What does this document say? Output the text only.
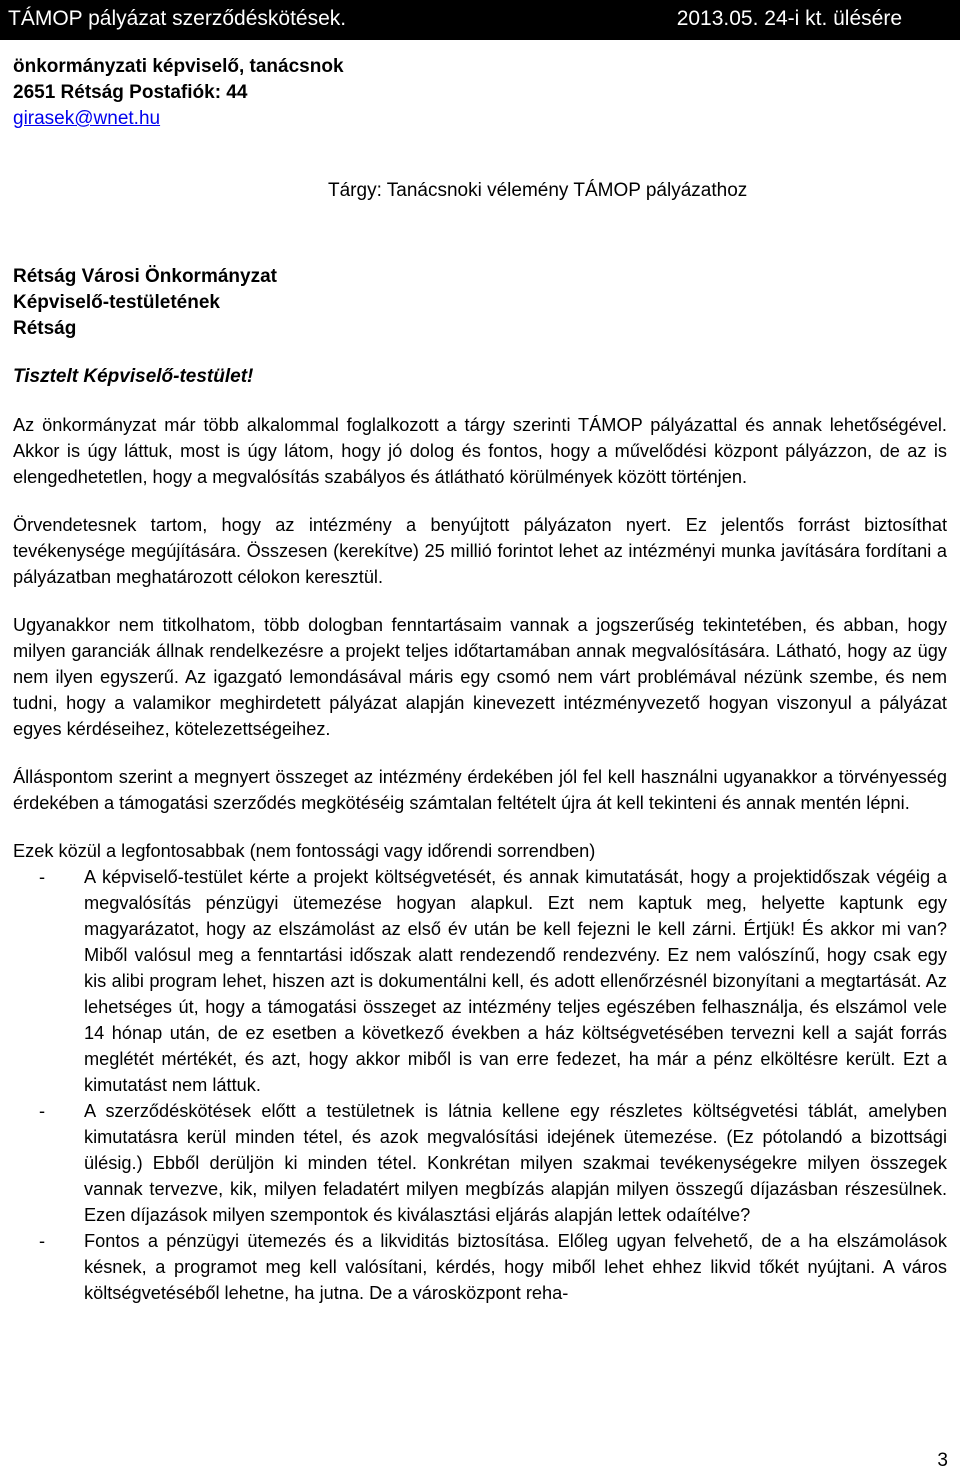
TÁMOP pályázat szerződéskötések.	2013.05. 24-i kt. ülésére
önkormányzati képviselő, tanácsnok
2651 Rétság Postafiók: 44
girasek@wnet.hu
Tárgy: Tanácsnoki vélemény TÁMOP pályázathoz
Rétság Városi Önkormányzat
Képviselő-testületének
Rétság
Tisztelt Képviselő-testület!

Az önkormányzat már több alkalommal foglalkozott a tárgy szerinti TÁMOP pályázattal és annak lehetőségével. Akkor is úgy láttuk, most is úgy látom, hogy jó dolog és fontos, hogy a művelődési központ pályázzon, de az is elengedhetetlen, hogy a megvalósítás szabályos és átlátható körülmények között történjen.

Örvendetesnek tartom, hogy az intézmény a benyújtott pályázaton nyert. Ez jelentős forrást biztosíthat tevékenysége megújítására. Összesen (kerekítve) 25 millió forintot lehet az intézményi munka javítására fordítani a pályázatban meghatározott célokon keresztül.

Ugyanakkor nem titkolhatom, több dologban fenntartásaim vannak a jogszerűség tekintetében, és abban, hogy milyen garanciák állnak rendelkezésre a projekt teljes időtartamában annak megvalósítására. Látható, hogy az ügy nem ilyen egyszerű. Az igazgató lemondásával máris egy csomó nem várt problémával nézünk szembe, és nem tudni, hogy a valamikor meghirdetett pályázat alapján kinevezett intézményvezető hogyan viszonyul a pályázat egyes kérdéseihez, kötelezettségeihez.

Álláspontom szerint a megnyert összeget az intézmény érdekében jól fel kell használni ugyanakkor a törvényesség érdekében a támogatási szerződés megkötéséig számtalan feltételt újra át kell tekinteni és annak mentén lépni.

Ezek közül a legfontosabbak (nem fontossági vagy időrendi sorrendben)

- A képviselő-testület kérte a projekt költségvetését, és annak kimutatását, hogy a projektidőszak végéig a megvalósítás pénzügyi ütemezése hogyan alapkul. Ezt nem kaptuk meg, helyette kaptunk egy magyarázatot, hogy az elszámolást az első év után be kell fejezni le kell zárni. Értjük! És akkor mi van? Miből valósul meg a fenntartási időszak alatt rendezendő rendezvény. Ez nem valószínű, hogy csak egy kis alibi program lehet, hiszen azt is dokumentálni kell, és adott ellenőrzésnél bizonyítani a megtartását. Az lehetséges út, hogy a támogatási összeget az intézmény teljes egészében felhasználja, és elszámol vele 14 hónap után, de ez esetben a következő években a ház költségvetésében tervezni kell a saját forrás meglétét mértékét, és azt, hogy akkor miből is van erre fedezet, ha már a pénz elköltésre került. Ezt a kimutatást nem láttuk.
- A szerződéskötések előtt a testületnek is látnia kellene egy részletes költségvetési táblát, amelyben kimutatásra kerül minden tétel, és azok megvalósítási idejének ütemezése. (Ez pótolandó a bizottsági ülésig.) Ebből derüljön ki minden tétel. Konkrétan milyen szakmai tevékenységekre milyen összegek vannak tervezve, kik, milyen feladatért milyen megbízás alapján milyen összegű díjazásban részesülnek. Ezen díjazások milyen szempontok és kiválasztási eljárás alapján lettek odaítélve?
- Fontos a pénzügyi ütemezés és a likviditás biztosítása. Előleg ugyan felvehető, de a ha elszámolások késnek, a programot meg kell valósítani, kérdés, hogy miből lehet ehhez likvid tőkét nyújtani. A város költségvetéséből lehetne, ha jutna. De a városközpont reha-
3
